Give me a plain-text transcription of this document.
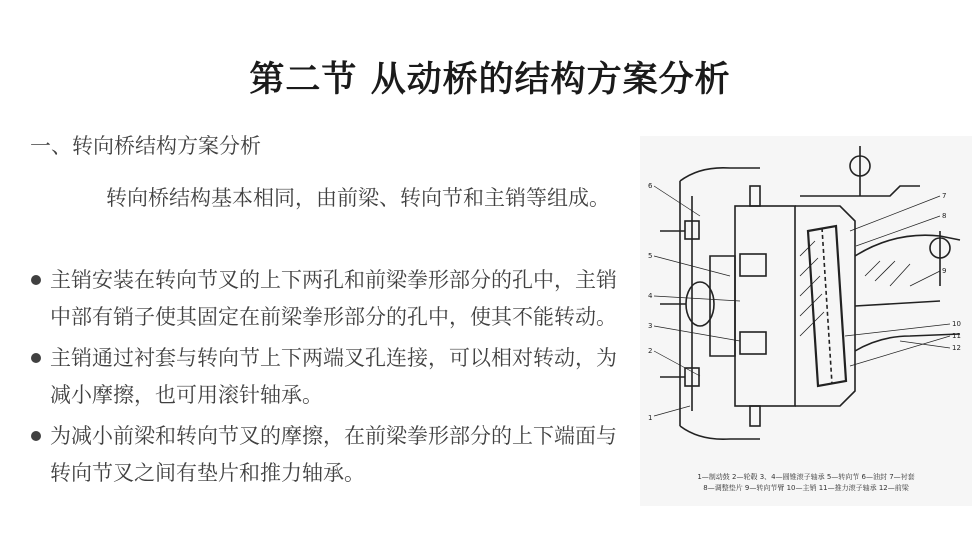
第二节 从动桥的结构方案分析
一、转向桥结构方案分析
转向桥结构基本相同，由前梁、转向节和主销等组成。
主销安装在转向节叉的上下两孔和前梁拳形部分的孔中，主销中部有销子使其固定在前梁拳形部分的孔中，使其不能转动。
主销通过衬套与转向节上下两端叉孔连接，可以相对转动，为减小摩擦，也可用滚针轴承。
为减小前梁和转向节叉的摩擦，在前梁拳形部分的上下端面与转向节叉之间有垫片和推力轴承。
6
5
4
3
2
1
7
8
9
10
11
12
1—制动鼓 2—轮毂 3、4—圆锥滚子轴承 5—转向节 6—油封 7—衬套
8—调整垫片 9—转向节臂 10—主销 11—推力滚子轴承 12—前梁
